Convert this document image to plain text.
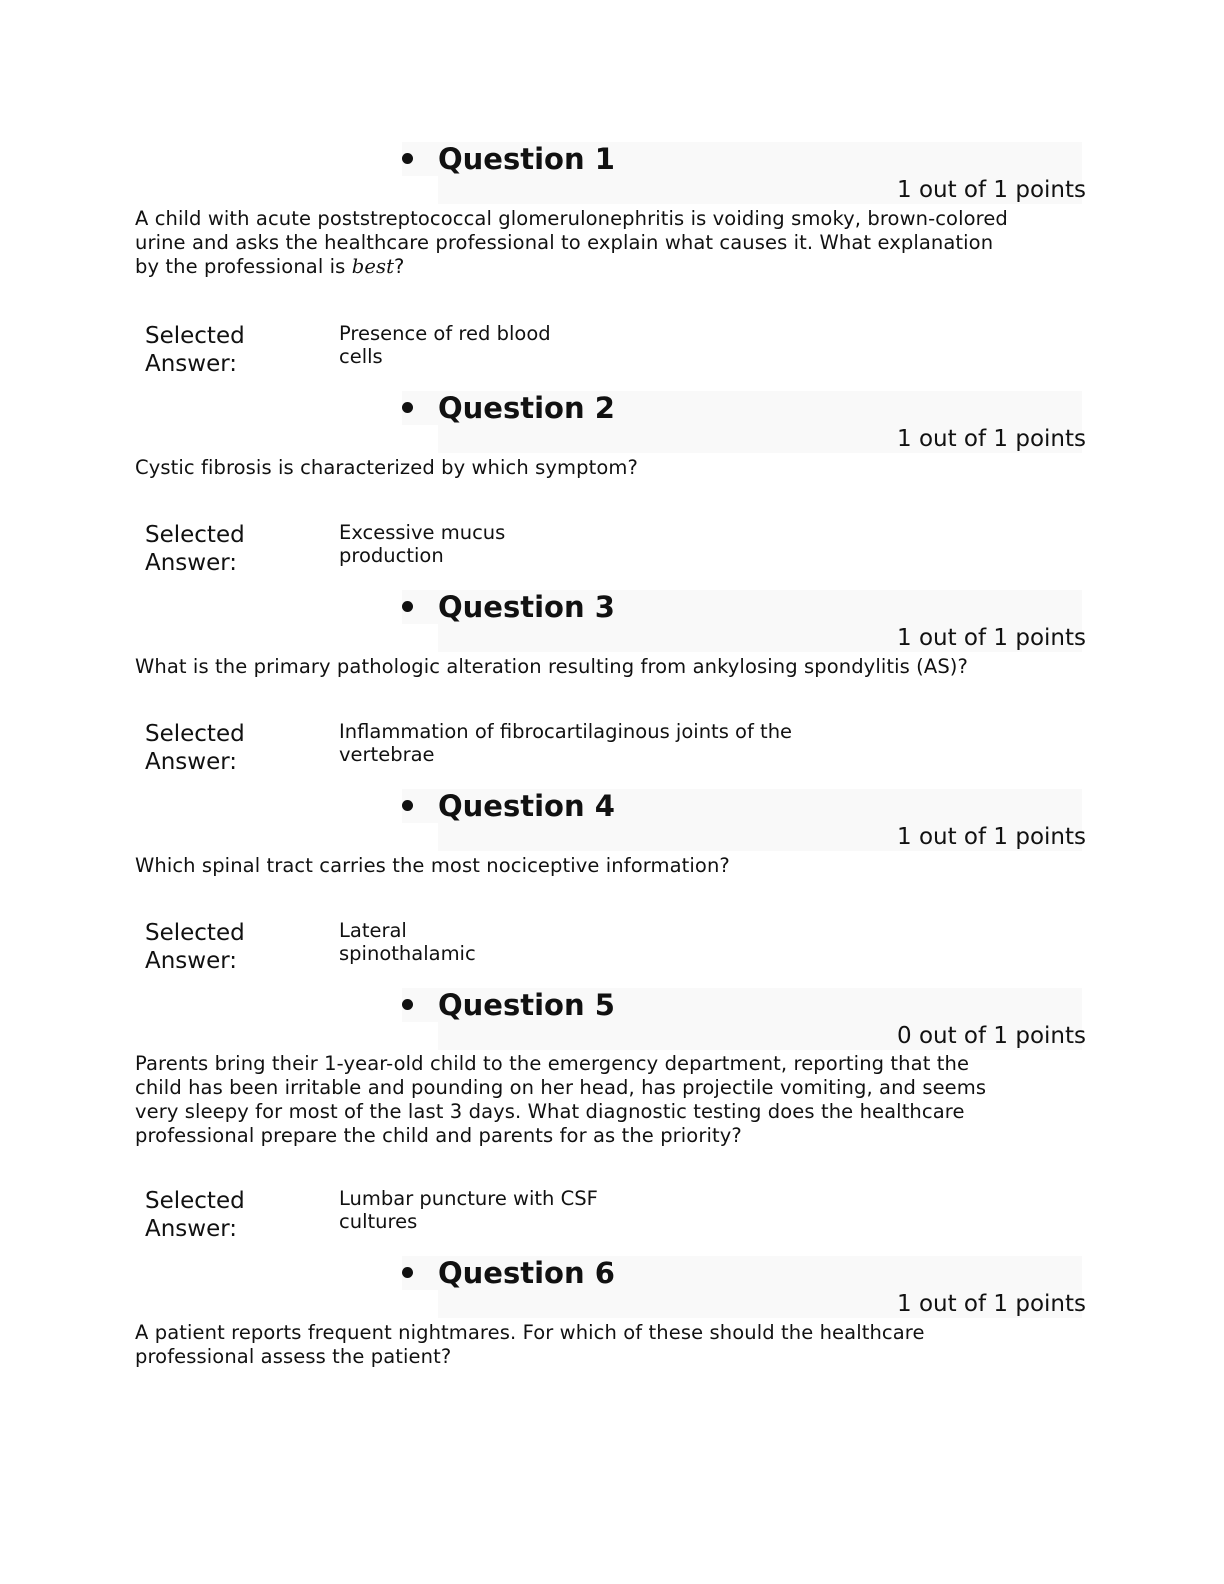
Question 1
1 out of 1 points
A child with acute poststreptococcal glomerulonephritis is voiding smoky, brown-colored
urine and asks the healthcare professional to explain what causes it. What explanation
by the professional is best?
Selected
Answer:
Presence of red blood
cells
Question 2
1 out of 1 points
Cystic fibrosis is characterized by which symptom?
Selected
Answer:
Excessive mucus
production
Question 3
1 out of 1 points
What is the primary pathologic alteration resulting from ankylosing spondylitis (AS)?
Selected
Answer:
Inflammation of fibrocartilaginous joints of the
vertebrae
Question 4
1 out of 1 points
Which spinal tract carries the most nociceptive information?
Selected
Answer:
Lateral
spinothalamic
Question 5
0 out of 1 points
Parents bring their 1-year-old child to the emergency department, reporting that the
child has been irritable and pounding on her head, has projectile vomiting, and seems
very sleepy for most of the last 3 days. What diagnostic testing does the healthcare
professional prepare the child and parents for as the priority?
Selected
Answer:
Lumbar puncture with CSF
cultures
Question 6
1 out of 1 points
A patient reports frequent nightmares. For which of these should the healthcare
professional assess the patient?
